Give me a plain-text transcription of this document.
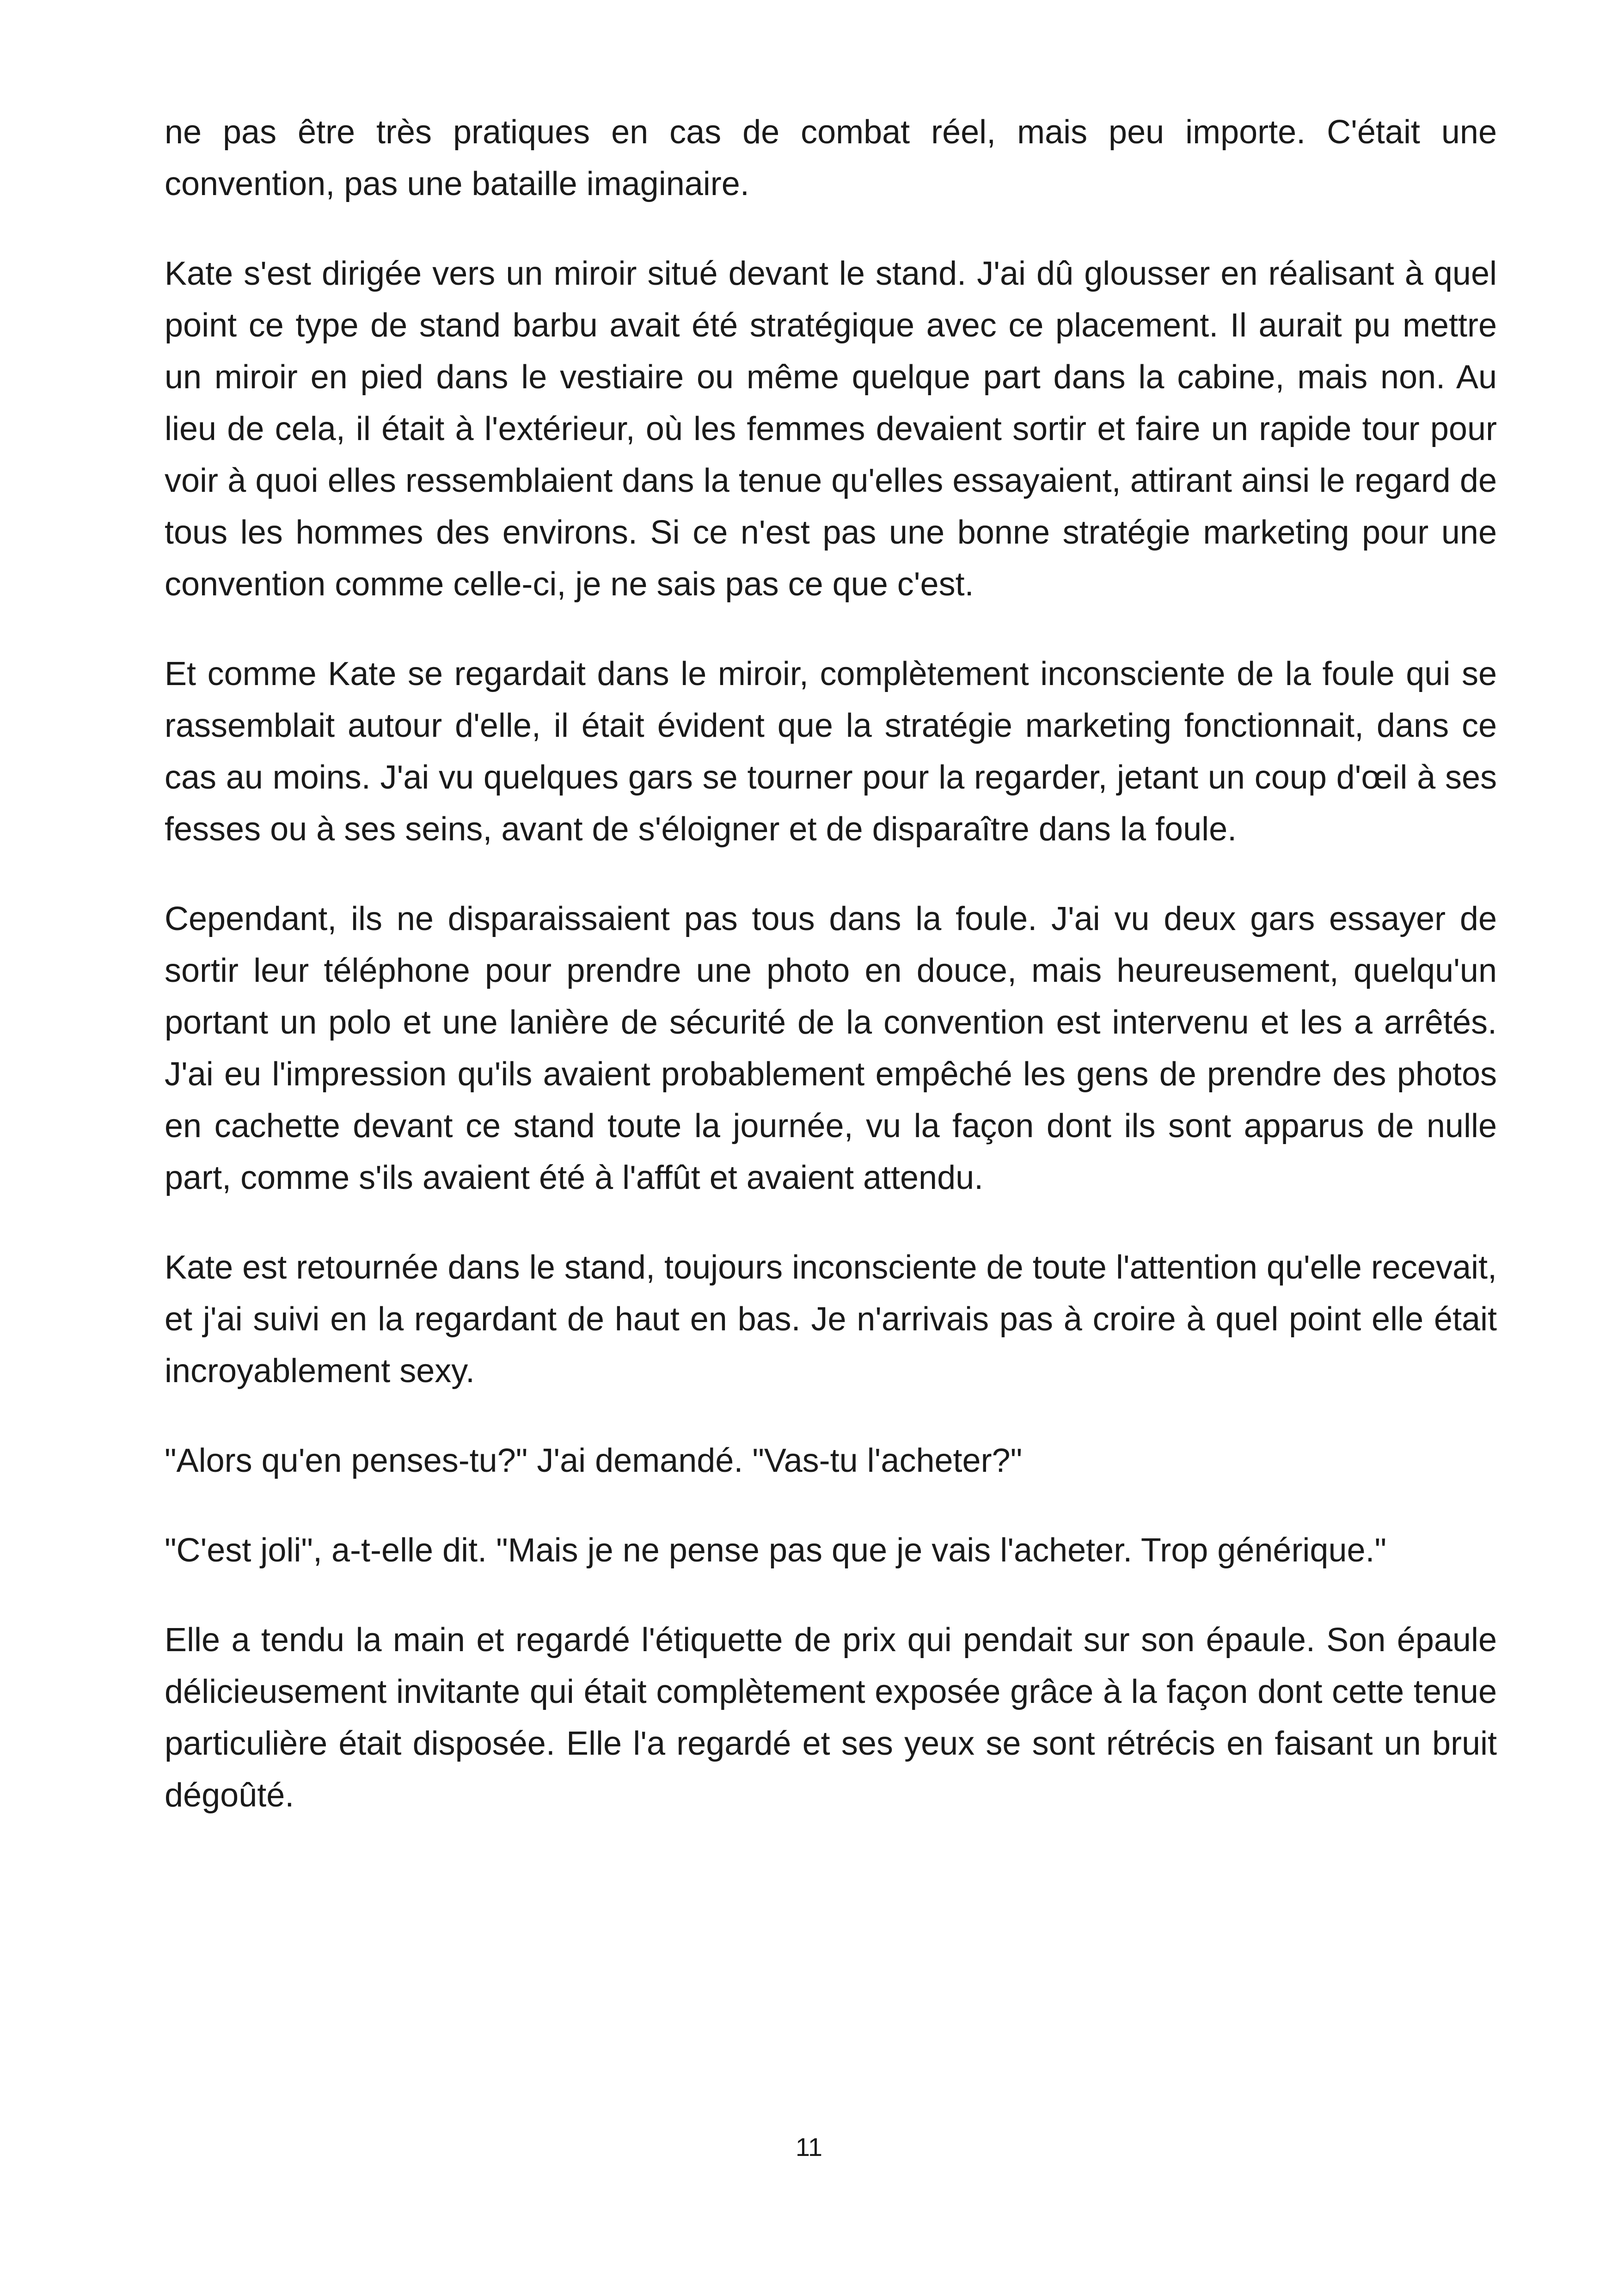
ne pas être très pratiques en cas de combat réel, mais peu importe. C'était une convention, pas une bataille imaginaire.

Kate s'est dirigée vers un miroir situé devant le stand. J'ai dû glousser en réalisant à quel point ce type de stand barbu avait été stratégique avec ce placement. Il aurait pu mettre un miroir en pied dans le vestiaire ou même quelque part dans la cabine, mais non. Au lieu de cela, il était à l'extérieur, où les femmes devaient sortir et faire un rapide tour pour voir à quoi elles ressemblaient dans la tenue qu'elles essayaient, attirant ainsi le regard de tous les hommes des environs. Si ce n'est pas une bonne stratégie marketing pour une convention comme celle-ci, je ne sais pas ce que c'est.

Et comme Kate se regardait dans le miroir, complètement inconsciente de la foule qui se rassemblait autour d'elle, il était évident que la stratégie marketing fonctionnait, dans ce cas au moins. J'ai vu quelques gars se tourner pour la regarder, jetant un coup d'œil à ses fesses ou à ses seins, avant de s'éloigner et de disparaître dans la foule.

Cependant, ils ne disparaissaient pas tous dans la foule. J'ai vu deux gars essayer de sortir leur téléphone pour prendre une photo en douce, mais heureusement, quelqu'un portant un polo et une lanière de sécurité de la convention est intervenu et les a arrêtés. J'ai eu l'impression qu'ils avaient probablement empêché les gens de prendre des photos en cachette devant ce stand toute la journée, vu la façon dont ils sont apparus de nulle part, comme s'ils avaient été à l'affût et avaient attendu.

Kate est retournée dans le stand, toujours inconsciente de toute l'attention qu'elle recevait, et j'ai suivi en la regardant de haut en bas. Je n'arrivais pas à croire à quel point elle était incroyablement sexy.

"Alors qu'en penses-tu?" J'ai demandé. "Vas-tu l'acheter?"

"C'est joli", a-t-elle dit. "Mais je ne pense pas que je vais l'acheter. Trop générique."

Elle a tendu la main et regardé l'étiquette de prix qui pendait sur son épaule. Son épaule délicieusement invitante qui était complètement exposée grâce à la façon dont cette tenue particulière était disposée. Elle l'a regardé et ses yeux se sont rétrécis en faisant un bruit dégoûté.

11
